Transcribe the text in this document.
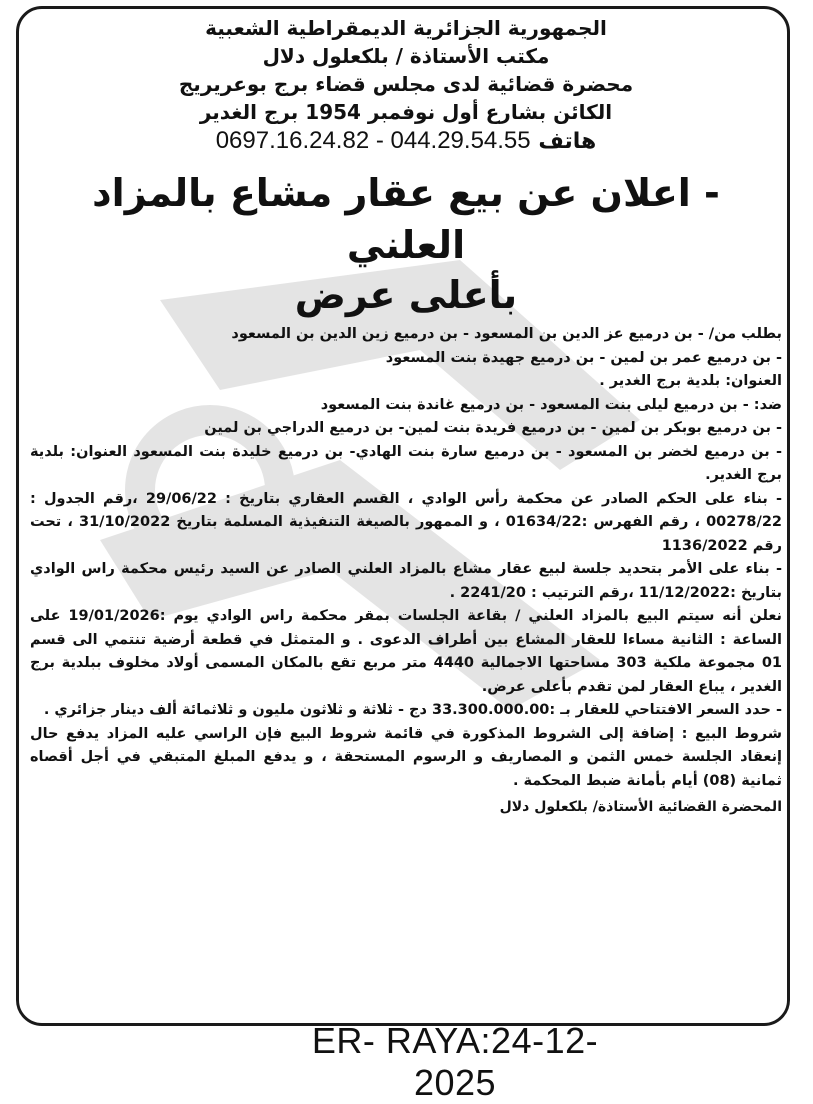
الجمهورية الجزائرية الديمقراطية الشعبية

مكتب الأستاذة / بلكعلول دلال

محضرة قضائية لدى مجلس قضاء برج بوعريريج

الكائن بشارع أول نوفمبر 1954 برج الغدير

هاتف 0697.16.24.82 - 044.29.54.55

- اعلان عن بيع عقار مشاع بالمزاد العلني

بأعلى عرض

بطلب من/ - بن درميع عز الدين بن المسعود - بن درميع زين الدين بن المسعود

- بن درميع عمر بن لمين - بن درميع جهيدة بنت المسعود

العنوان: بلدية برج الغدير .

ضد: - بن درميع ليلى بنت المسعود - بن درميع غاندة بنت المسعود

- بن درميع بوبكر بن لمين - بن درميع فريدة بنت لمين- بن درميع الدراجي بن لمين

- بن درميع لخضر بن المسعود - بن درميع سارة بنت الهادي- بن درميع خليدة بنت المسعود العنوان: بلدية برج الغدير.

- بناء على الحكم الصادر عن محكمة رأس الوادي ، القسم العقاري بتاريخ : 29/06/22 ،رقم الجدول : 00278/22 ، رقم الفهرس :01634/22 ، و الممهور بالصيغة التنفيذية المسلمة بتاريخ 31/10/2022 ، تحت رقم 1136/2022

- بناء على الأمر بتحديد جلسة لبيع عقار مشاع بالمزاد العلني الصادر عن السيد رئيس محكمة راس الوادي بتاريخ :11/12/2022 ،رقم الترتيب : 2241/20 .

نعلن أنه سيتم البيع بالمزاد العلني / بقاعة الجلسات بمقر محكمة راس الوادي يوم :19/01/2026 على الساعة : الثانية مساءا للعقار المشاع بين أطراف الدعوى . و المتمثل في قطعة أرضية تنتمي الى قسم 01 مجموعة ملكية 303 مساحتها الاجمالية 4440 متر مربع تقع بالمكان المسمى أولاد مخلوف ببلدية برج الغدير ، يباع العقار لمن تقدم بأعلى عرض.

- حدد السعر الافتتاحي للعقار بـ :33.300.000.00 دج - ثلاثة و ثلاثون مليون و ثلاثمائة ألف دينار جزائري .

شروط البيع : إضافة إلى الشروط المذكورة في قائمة شروط البيع فإن الراسي عليه المزاد يدفع حال إنعقاد الجلسة خمس الثمن و المصاريف و الرسوم المستحقة ، و يدفع المبلغ المتبقي في أجل أقصاه ثمانية (08) أيام بأمانة ضبط المحكمة .

المحضرة القضائية الأستاذة/ بلكعلول دلال

ER- RAYA:24-12-2025
